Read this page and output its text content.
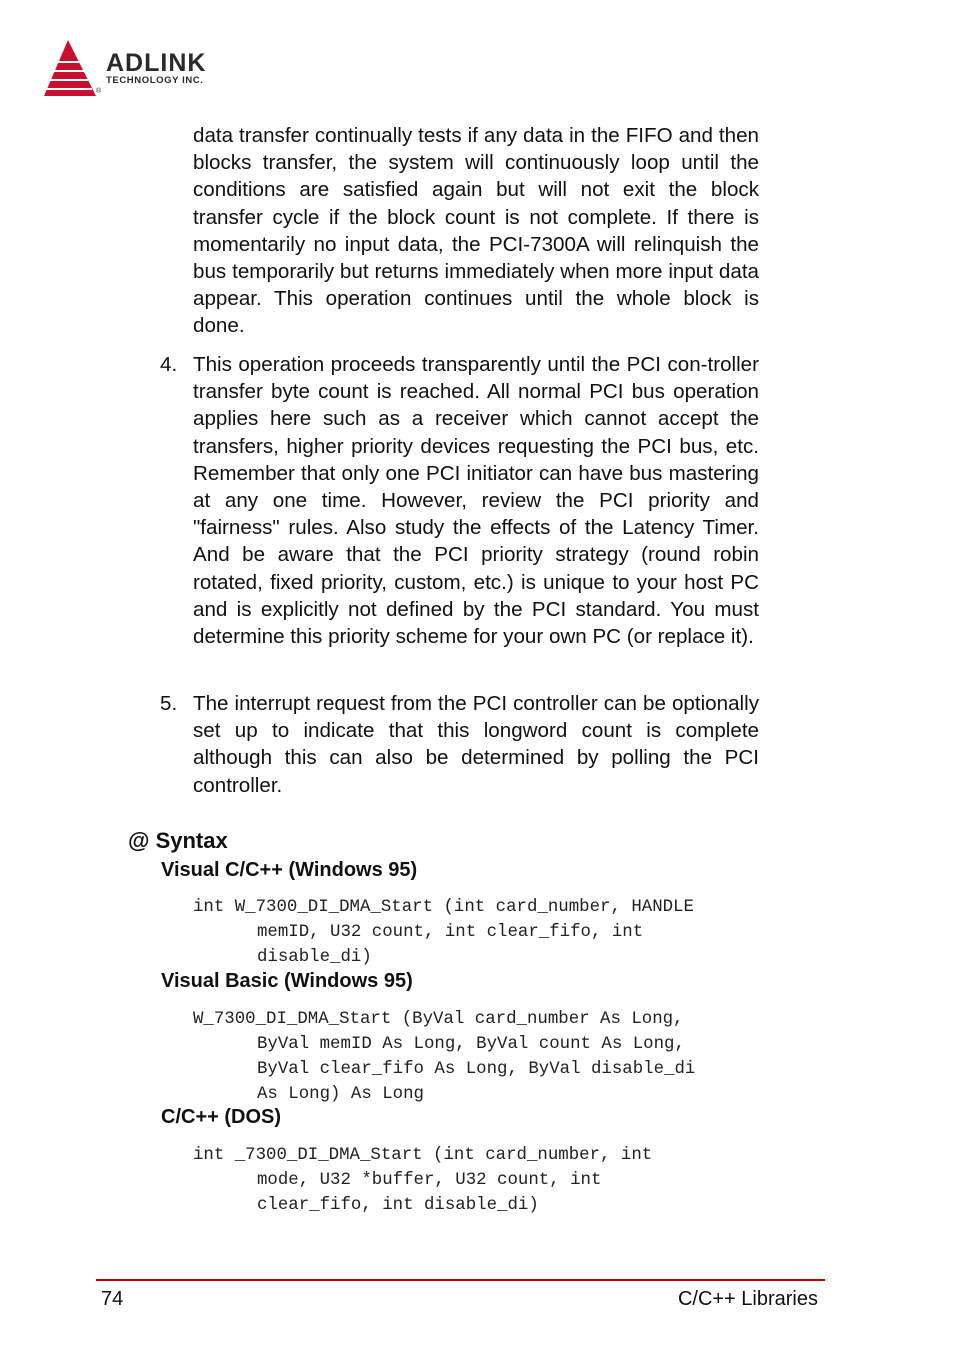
ADLINK
TECHNOLOGY INC.
®

data transfer continually tests if any data in the FIFO and then blocks transfer, the system will continuously loop until the conditions are satisfied again but will not exit the block transfer cycle if the block count is not complete. If there is momentarily no input data, the PCI-7300A will relinquish the bus temporarily but returns immediately when more input data appear. This operation continues until the whole block is done.

4. This operation proceeds transparently until the PCI con-troller transfer byte count is reached. All normal PCI bus operation applies here such as a receiver which cannot accept the transfers, higher priority devices requesting the PCI bus, etc. Remember that only one PCI initiator can have bus mastering at any one time. However, review the PCI priority and "fairness" rules. Also study the effects of the Latency Timer. And be aware that the PCI priority strategy (round robin rotated, fixed priority, custom, etc.) is unique to your host PC and is explicitly not defined by the PCI standard. You must determine this priority scheme for your own PC (or replace it).

5. The interrupt request from the PCI controller can be optionally set up to indicate that this longword count is complete although this can also be determined by polling the PCI controller.

@ Syntax
Visual C/C++ (Windows 95)
int W_7300_DI_DMA_Start (int card_number, HANDLE
memID, U32 count, int clear_fifo, int
disable_di)
Visual Basic (Windows 95)
W_7300_DI_DMA_Start (ByVal card_number As Long,
ByVal memID As Long, ByVal count As Long,
ByVal clear_fifo As Long, ByVal disable_di
As Long) As Long
C/C++ (DOS)
int _7300_DI_DMA_Start (int card_number, int
mode, U32 *buffer, U32 count, int
clear_fifo, int disable_di)
74	C/C++ Libraries
